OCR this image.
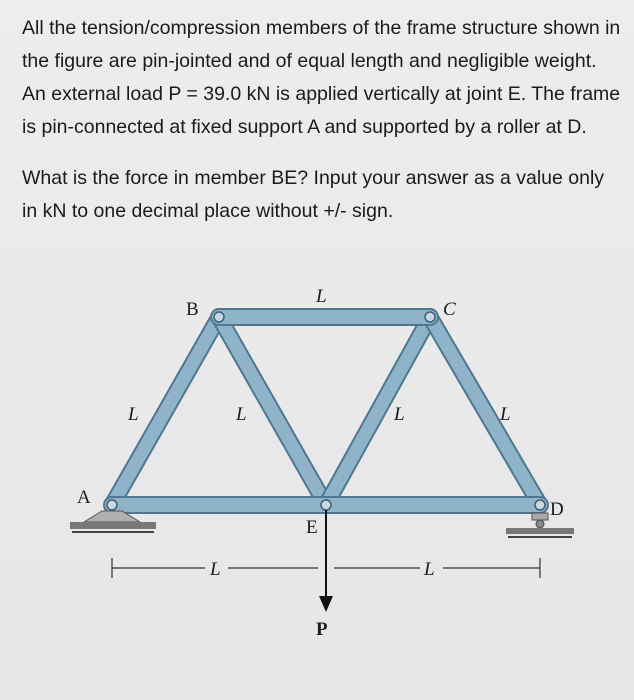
All the tension/compression members of the frame structure shown in the figure are pin-jointed and of equal length and negligible weight. An external load P = 39.0 kN is applied vertically at joint E. The frame is pin-connected at fixed support A and supported by a roller at D.

What is the force in member BE? Input your answer as a value only in kN to one decimal place without +/- sign.

A
B	C
D
E
L
L	L	L	L
L	L
P
